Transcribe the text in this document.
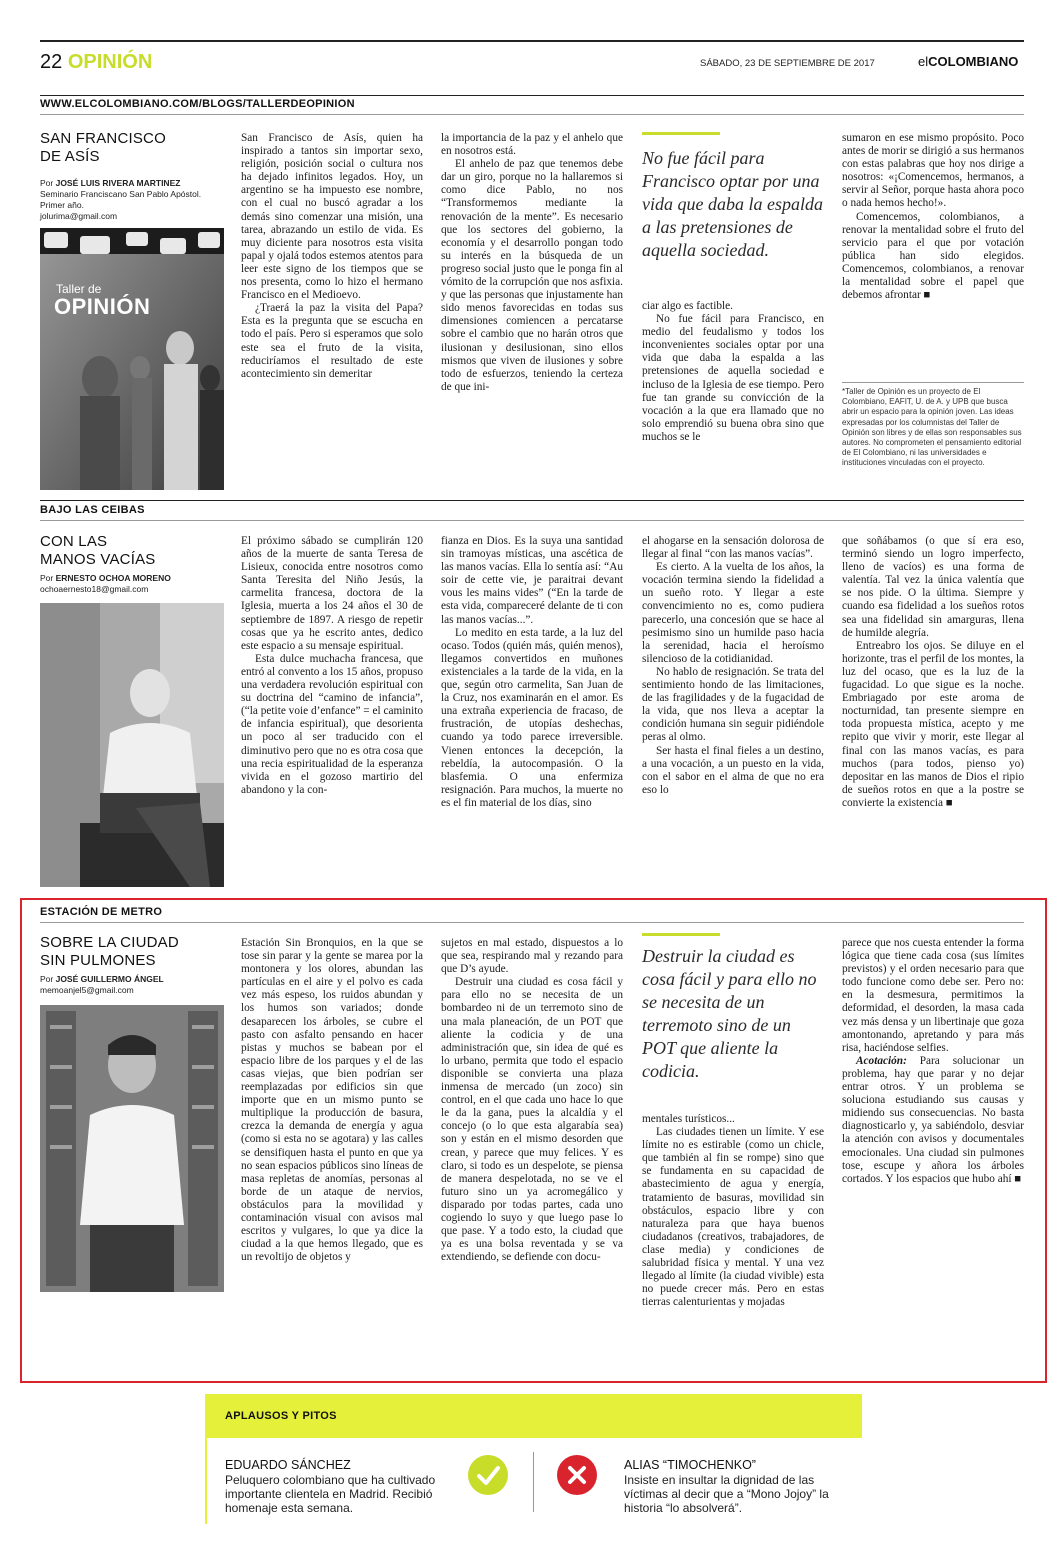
22 OPINIÓN	SÁBADO, 23 DE SEPTIEMBRE DE 2017	elCOLOMBIANO
WWW.ELCOLOMBIANO.COM/BLOGS/TALLERDEOPINION
SAN FRANCISCO
DE ASÍS
Por JOSÉ LUIS RIVERA MARTINEZ
Seminario Franciscano San Pablo Apóstol. Primer año.
jolurima@gmail.com
Taller de
OPINIÓN

San Francisco de Asís, quien ha inspirado a tantos sin importar sexo, religión, posición social o cultura nos ha dejado infinitos legados. Hoy, un argentino se ha impuesto ese nombre, con el cual no buscó agradar a los demás sino comenzar una misión, una tarea, abrazando un estilo de vida. Es muy diciente para nosotros esta visita papal y ojalá todos estemos atentos para leer este signo de los tiempos que se nos presenta, como lo hizo el hermano Francisco en el Medioevo.

¿Traerá la paz la visita del Papa? Esta es la pregunta que se escucha en todo el país. Pero si esperamos que solo este sea el fruto de la visita, reduciríamos el resultado de este acontecimiento sin demeritar

la importancia de la paz y el anhelo que en nosotros está.

El anhelo de paz que tenemos debe dar un giro, porque no la hallaremos si como dice Pablo, no nos “Transformemos mediante la renovación de la mente”. Es necesario que los sectores del gobierno, la economía y el desarrollo pongan todo su interés en la búsqueda de un progreso social justo que le ponga fin al vómito de la corrupción que nos asfixia. y que las personas que injustamente han sido menos favorecidas en todas sus dimensiones comiencen a percatarse sobre el cambio que no harán otros que ilusionan y desilusionan, sino ellos mismos que viven de ilusiones y sobre todo de esfuerzos, teniendo la certeza de que ini-

No fue fácil para Francisco optar por una vida que daba la espalda a las pretensiones de aquella sociedad.

ciar algo es factible.

No fue fácil para Francisco, en medio del feudalismo y todos los inconvenientes sociales optar por una vida que daba la espalda a las pretensiones de aquella sociedad e incluso de la Iglesia de ese tiempo. Pero fue tan grande su convicción de la vocación a la que era llamado que no solo emprendió su buena obra sino que muchos se le

sumaron en ese mismo propósito. Poco antes de morir se dirigió a sus hermanos con estas palabras que hoy nos dirige a nosotros: «¡Comencemos, hermanos, a servir al Señor, porque hasta ahora poco o nada hemos hecho!».

Comencemos, colombianos, a renovar la mentalidad sobre el fruto del servicio para el que por votación pública han sido elegidos. Comencemos, colombianos, a renovar la mentalidad sobre el papel que debemos afrontar ■

*Taller de Opinión es un proyecto de El Colombiano, EAFIT, U. de A. y UPB que busca abrir un espacio para la opinión joven. Las ideas expresadas por los columnistas del Taller de Opinión son libres y de ellas son responsables sus autores. No comprometen el pensamiento editorial de El Colombiano, ni las universidades e instituciones vinculadas con el proyecto.
BAJO LAS CEIBAS
CON LAS
MANOS VACÍAS
Por ERNESTO OCHOA MORENO
ochoaernesto18@gmail.com

El próximo sábado se cumplirán 120 años de la muerte de santa Teresa de Lisieux, conocida entre nosotros como Santa Teresita del Niño Jesús, la carmelita francesa, doctora de la Iglesia, muerta a los 24 años el 30 de septiembre de 1897. A riesgo de repetir cosas que ya he escrito antes, dedico este espacio a su mensaje espiritual.

Esta dulce muchacha francesa, que entró al convento a los 15 años, propuso una verdadera revolución espiritual con su doctrina del “camino de infancia”, (“la petite voie d’enfance” = el caminito de infancia espiritual), que desorienta un poco al ser traducido con el diminutivo pero que no es otra cosa que una recia espiritualidad de la esperanza vivida en el gozoso martirio del abandono y la con-

fianza en Dios. Es la suya una santidad sin tramoyas místicas, una ascética de las manos vacías. Ella lo sentía así: “Au soir de cette vie, je paraitrai devant vous les mains vides” (“En la tarde de esta vida, compareceré delante de ti con las manos vacías...”.

Lo medito en esta tarde, a la luz del ocaso. Todos (quién más, quién menos), llegamos convertidos en muñones existenciales a la tarde de la vida, en la que, según otro carmelita, San Juan de la Cruz, nos examinarán en el amor. Es una extraña experiencia de fracaso, de frustración, de utopías deshechas, cuando ya todo parece irreversible. Vienen entonces la decepción, la rebeldía, la autocompasión. O la blasfemia. O una enfermiza resignación. Para muchos, la muerte no es el fin material de los días, sino

el ahogarse en la sensación dolorosa de llegar al final “con las manos vacías”.

Es cierto. A la vuelta de los años, la vocación termina siendo la fidelidad a un sueño roto. Y llegar a este convencimiento no es, como pudiera parecerlo, una concesión que se hace al pesimismo sino un humilde paso hacia la serenidad, hacia el heroísmo silencioso de la cotidianidad.

No hablo de resignación. Se trata del sentimiento hondo de las limitaciones, de las fragilidades y de la fugacidad de la vida, que nos lleva a aceptar la condición humana sin seguir pidiéndole peras al olmo.

Ser hasta el final fieles a un destino, a una vocación, a un puesto en la vida, con el sabor en el alma de que no era eso lo

que soñábamos (o que sí era eso, terminó siendo un logro imperfecto, lleno de vacíos) es una forma de valentía. Tal vez la única valentía que se nos pide. O la última. Siempre y cuando esa fidelidad a los sueños rotos sea una fidelidad sin amarguras, llena de humilde alegría.

Entreabro los ojos. Se diluye en el horizonte, tras el perfil de los montes, la luz del ocaso, que es la luz de la fugacidad. Lo que sigue es la noche. Embriagado por este aroma de nocturnidad, tan presente siempre en toda propuesta mística, acepto y me repito que vivir y morir, este llegar al final con las manos vacías, es para muchos (para todos, pienso yo) depositar en las manos de Dios el ripio de sueños rotos en que a la postre se convierte la existencia ■

ESTACIÓN DE METRO
SOBRE LA CIUDAD
SIN PULMONES
Por JOSÉ GUILLERMO ÁNGEL
memoanjel5@gmail.com

Estación Sin Bronquios, en la que se tose sin parar y la gente se marea por la montonera y los olores, abundan las partículas en el aire y el polvo es cada vez más espeso, los ruidos abundan y los humos son variados; donde desaparecen los árboles, se cubre el pasto con asfalto pensando en hacer pistas y muchos se babean por el espacio libre de los parques y el de las casas viejas, que bien podrían ser reemplazadas por edificios sin que importe que en un mismo punto se multiplique la producción de basura, crezca la demanda de energía y agua (como si esta no se agotara) y las calles se densifiquen hasta el punto en que ya no sean espacios públicos sino líneas de masa repletas de anomías, personas al borde de un ataque de nervios, obstáculos para la movilidad y contaminación visual con avisos mal escritos y vulgares, lo que ya dice la ciudad a la que hemos llegado, que es un revoltijo de objetos y

sujetos en mal estado, dispuestos a lo que sea, respirando mal y rezando para que D’s ayude.

Destruir una ciudad es cosa fácil y para ello no se necesita de un bombardeo ni de un terremoto sino de una mala planeación, de un POT que aliente la codicia y de una administración que, sin idea de qué es lo urbano, permita que todo el espacio disponible se convierta una plaza inmensa de mercado (un zoco) sin control, en el que cada uno hace lo que le da la gana, pues la alcaldía y el concejo (o lo que esta algarabía sea) son y están en el mismo desorden que crean, y parece que muy felices. Y es claro, si todo es un despelote, se piensa de manera despelotada, no se ve el futuro sino un ya acromegálico y disparado por todas partes, cada uno cogiendo lo suyo y que luego pase lo que pase. Y a todo esto, la ciudad que ya es una bolsa reventada y se va extendiendo, se defiende con docu-

Destruir la ciudad es cosa fácil y para ello no se necesita de un terremoto sino de un POT que aliente la codicia.

mentales turísticos...

Las ciudades tienen un límite. Y ese límite no es estirable (como un chicle, que también al fin se rompe) sino que se fundamenta en su capacidad de abastecimiento de agua y energía, tratamiento de basuras, movilidad sin obstáculos, espacio libre y con naturaleza para que haya buenos ciudadanos (creativos, trabajadores, de clase media) y condiciones de salubridad física y mental. Y una vez llegado al límite (la ciudad vivible) esta no puede crecer más. Pero en estas tierras calenturientas y mojadas

parece que nos cuesta entender la forma lógica que tiene cada cosa (sus límites previstos) y el orden necesario para que todo funcione como debe ser. Pero no: en la desmesura, permitimos la deformidad, el desorden, la masa cada vez más densa y un libertinaje que goza amontonando, apretando y para más risa, haciéndose selfies.

Acotación: Para solucionar un problema, hay que parar y no dejar entrar otros. Y un problema se soluciona estudiando sus causas y midiendo sus consecuencias. No basta diagnosticarlo y, ya sabiéndolo, desviar la atención con avisos y documentales emocionales. Una ciudad sin pulmones tose, escupe y añora los árboles cortados. Y los espacios que hubo ahí ■

APLAUSOS Y PITOS
EDUARDO SÁNCHEZ
Peluquero colombiano que ha cultivado importante clientela en Madrid. Recibió homenaje esta semana.
ALIAS “TIMOCHENKO”
Insiste en insultar la dignidad de las víctimas al decir que a “Mono Jojoy” la historia “lo absolverá”.
